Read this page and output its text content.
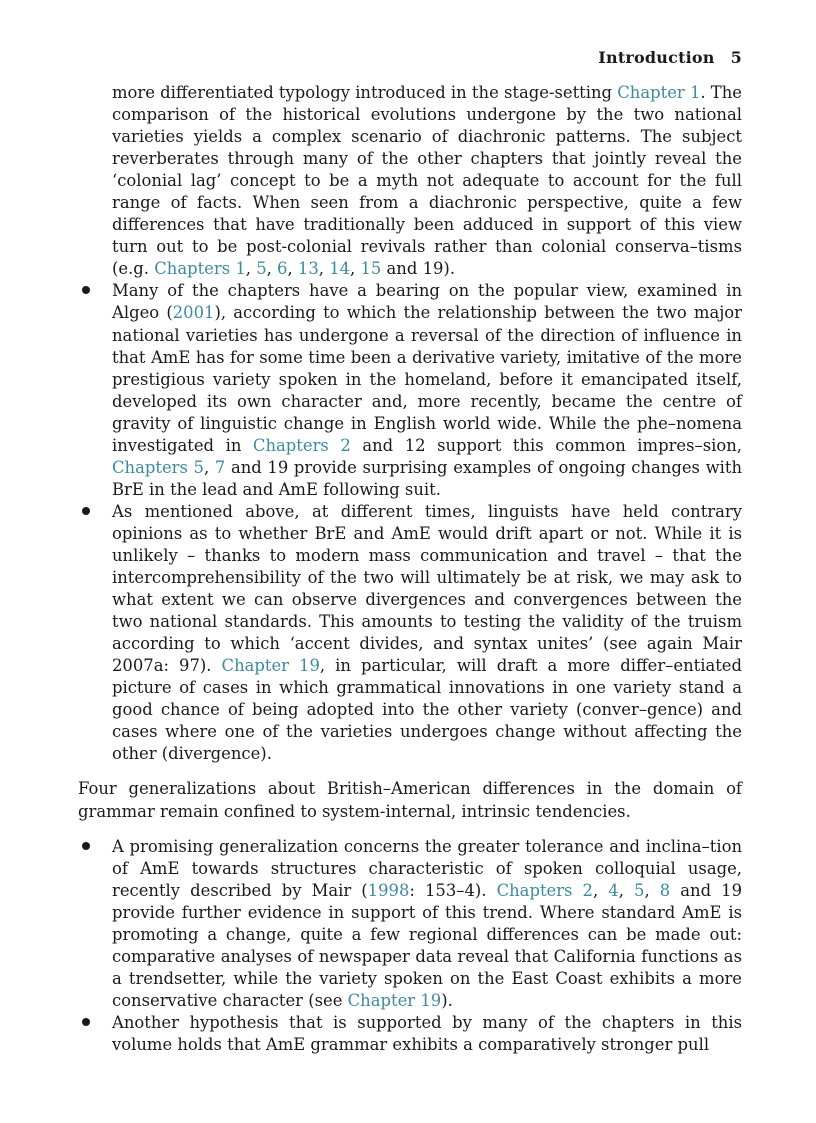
Introduction 5

more differentiated typology introduced in the stage-setting Chapter 1. The comparison of the historical evolutions undergone by the two national varieties yields a complex scenario of diachronic patterns. The subject reverberates through many of the other chapters that jointly reveal the ‘colonial lag’ concept to be a myth not adequate to account for the full range of facts. When seen from a diachronic perspective, quite a few differences that have traditionally been adduced in support of this view turn out to be post-colonial revivals rather than colonial conserva–tisms (e.g. Chapters 1, 5, 6, 13, 14, 15 and 19).

Many of the chapters have a bearing on the popular view, examined in Algeo (2001), according to which the relationship between the two major national varieties has undergone a reversal of the direction of influence in that AmE has for some time been a derivative variety, imitative of the more prestigious variety spoken in the homeland, before it emancipated itself, developed its own character and, more recently, became the centre of gravity of linguistic change in English world wide. While the phe–nomena investigated in Chapters 2 and 12 support this common impres–sion, Chapters 5, 7 and 19 provide surprising examples of ongoing changes with BrE in the lead and AmE following suit.

As mentioned above, at different times, linguists have held contrary opinions as to whether BrE and AmE would drift apart or not. While it is unlikely – thanks to modern mass communication and travel – that the intercomprehensibility of the two will ultimately be at risk, we may ask to what extent we can observe divergences and convergences between the two national standards. This amounts to testing the validity of the truism according to which ‘accent divides, and syntax unites’ (see again Mair 2007a: 97). Chapter 19, in particular, will draft a more differ–entiated picture of cases in which grammatical innovations in one variety stand a good chance of being adopted into the other variety (conver–gence) and cases where one of the varieties undergoes change without affecting the other (divergence).

Four generalizations about British–American differences in the domain of grammar remain confined to system-internal, intrinsic tendencies.

A promising generalization concerns the greater tolerance and inclina–tion of AmE towards structures characteristic of spoken colloquial usage, recently described by Mair (1998: 153–4). Chapters 2, 4, 5, 8 and 19 provide further evidence in support of this trend. Where standard AmE is promoting a change, quite a few regional differences can be made out: comparative analyses of newspaper data reveal that California functions as a trendsetter, while the variety spoken on the East Coast exhibits a more conservative character (see Chapter 19).

Another hypothesis that is supported by many of the chapters in this volume holds that AmE grammar exhibits a comparatively stronger pull
